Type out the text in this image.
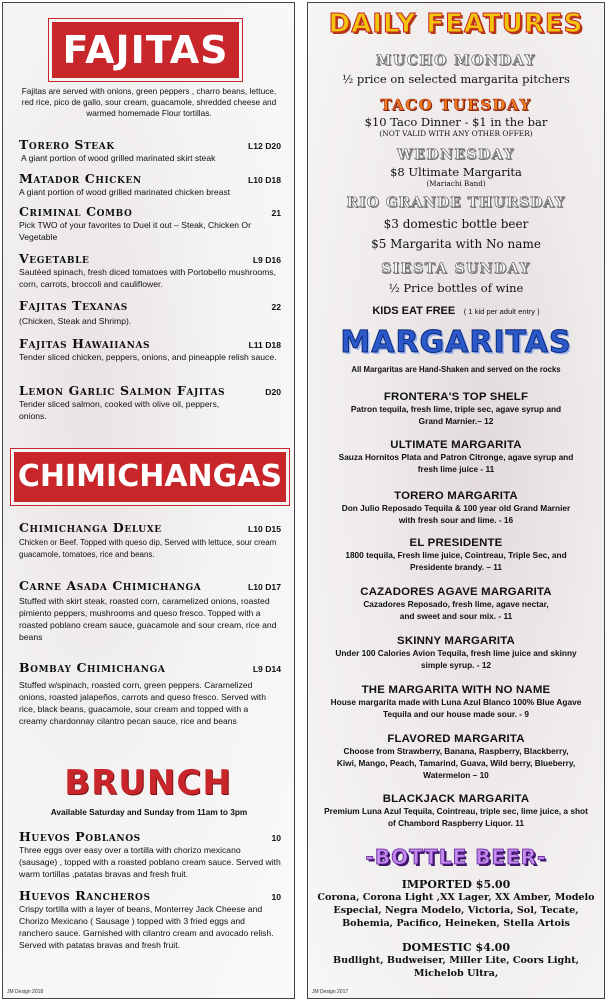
FAJITAS
Fajitas are served with onions, green peppers , charro beans, lettuce, red rice, pico de gallo, sour cream, guacamole, shredded cheese and warmed homemade Flour tortillas.
Torero Steak	L12 D20
A giant portion of wood grilled marinated skirt steak
Matador Chicken	L10 D18
A giant portion of wood grilled marinated chicken breast
Criminal Combo	21
Pick TWO of your favorites to Duel it out – Steak, Chicken Or Vegetable
Vegetable	L9 D16
Sautéed spinach, fresh diced tomatoes with Portobello mushrooms, corn, carrots, broccoli and cauliflower.
Fajitas Texanas	22
(Chicken, Steak and Shrimp).
Fajitas Hawaiianas	L11 D18
Tender sliced chicken, peppers, onions, and pineapple relish sauce.
Lemon Garlic Salmon Fajitas	D20
Tender sliced salmon, cooked with olive oil, peppers, onions.
CHIMICHANGAS
Chimichanga Deluxe	L10 D15
Chicken or Beef. Topped with queso dip, Served with lettuce, sour cream guacamole, tomatoes, rice and beans.
Carne Asada Chimichanga	L10 D17
Stuffed with skirt steak, roasted corn, caramelized onions, roasted pimiento peppers, mushrooms and queso fresco. Topped with a roasted poblano cream sauce, guacamole and sour cream, rice and beans
Bombay Chimichanga	L9 D14
Stuffed w/spinach, roasted corn, green peppers. Caramelized onions, roasted jalapeños, carrots and queso fresco. Served with rice, black beans, guacamole, sour cream and topped with a creamy chardonnay cilantro pecan sauce, rice and beans
BRUNCH
Available Saturday and Sunday from 11am to 3pm
Huevos Poblanos	10
Three eggs over easy over a tortilla with chorizo mexicano (sausage) , topped with a roasted poblano cream sauce. Served with warm tortillas ,patatas bravas and fresh fruit.
Huevos Rancheros	10
Crispy tortilla with a layer of beans, Monterrey Jack Cheese and Chorizo Mexicano ( Sausage ) topped with 3 fried eggs and ranchero sauce. Garnished with cilantro cream and avocado relish. Served with patatas bravas and fresh fruit.
JM Design 2018
DAILY FEATURES
MUCHO MONDAY
½ price on selected margarita pitchers
TACO TUESDAY
$10 Taco Dinner - $1 in the bar
(NOT VALID WITH ANY OTHER OFFER)
WEDNESDAY
$8 Ultimate Margarita
(Mariachi Band)
RIO GRANDE THURSDAY
$3 domestic bottle beer
$5 Margarita with No name
SIESTA SUNDAY
½ Price bottles of wine
KIDS EAT FREE ( 1 kid per adult entry )
MARGARITAS
All Margaritas are Hand-Shaken and served on the rocks
FRONTERA'S TOP SHELF
Patron tequila, fresh lime, triple sec, agave syrup and Grand Marnier.– 12
ULTIMATE MARGARITA
Sauza Hornitos Plata and Patron Citronge, agave syrup and fresh lime juice - 11
TORERO MARGARITA
Don Julio Reposado Tequila & 100 year old Grand Marnier with fresh sour and lime. - 16
EL PRESIDENTE
1800 tequila, Fresh lime juice, Cointreau, Triple Sec, and Presidente brandy. – 11
CAZADORES AGAVE MARGARITA
Cazadores Reposado, fresh lime, agave nectar, and sweet and sour mix. - 11
SKINNY MARGARITA
Under 100 Calories Avion Tequila, fresh lime juice and skinny simple syrup. - 12
THE MARGARITA WITH NO NAME
House margarita made with Luna Azul Blanco 100% Blue Agave Tequila and our house made sour. - 9
FLAVORED MARGARITA
Choose from Strawberry, Banana, Raspberry, Blackberry, Kiwi, Mango, Peach, Tamarind, Guava, Wild berry, Blueberry, Watermelon – 10
BLACKJACK MARGARITA
Premium Luna Azul Tequila, Cointreau, triple sec, lime juice, a shot of Chambord Raspberry Liquor. 11
-BOTTLE BEER-
IMPORTED $5.00
Corona, Corona Light ,XX Lager, XX Amber, Modelo Especial, Negra Modelo, Victoria, Sol, Tecate, Bohemia, Pacifico, Heineken, Stella Artois
DOMESTIC $4.00
Budlight, Budweiser, Miller Lite, Coors Light, Michelob Ultra,
JM Design 2017
